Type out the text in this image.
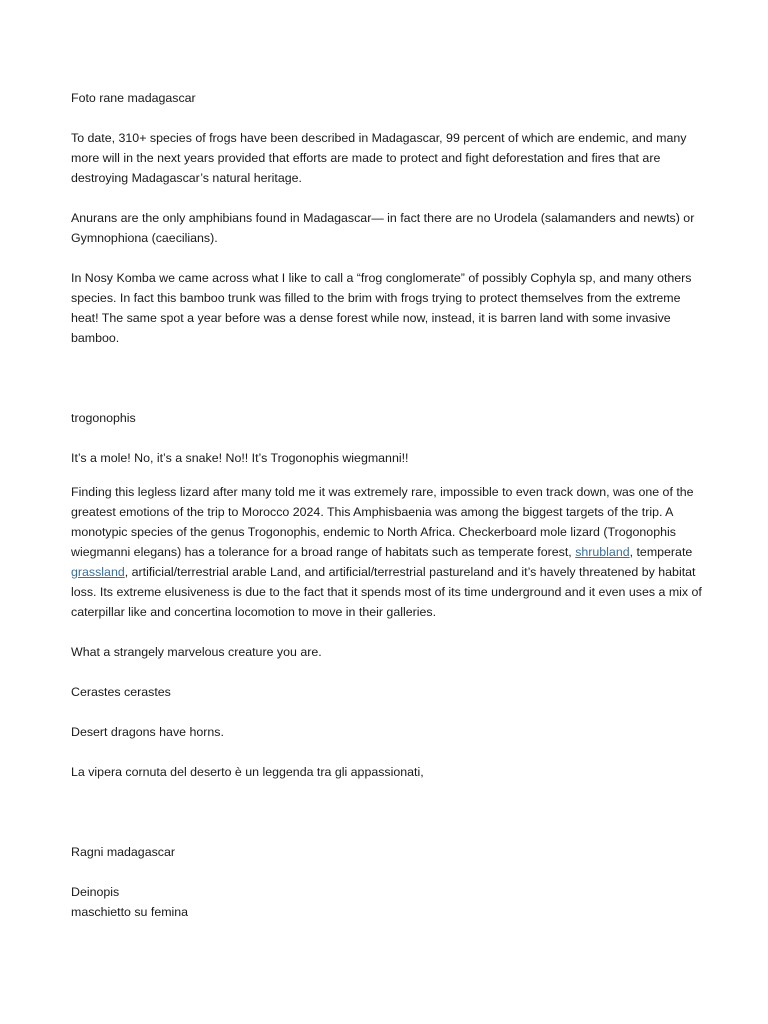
Foto rane madagascar

To date, 310+ species of frogs have been described in Madagascar, 99 percent of which are endemic, and many more will in the next years provided that efforts are made to protect and fight deforestation and fires that are destroying Madagascar’s natural heritage.

Anurans are the only amphibians found in Madagascar— in fact there are no Urodela (salamanders and newts) or Gymnophiona (caecilians).

In Nosy Komba we came across what I like to call a “frog conglomerate” of possibly Cophyla sp, and many others species. In fact this bamboo trunk was filled to the brim with frogs trying to protect themselves from the extreme heat! The same spot a year before was a dense forest while now, instead, it is barren land with some invasive bamboo.

trogonophis

It’s a mole! No, it’s a snake! No!! It’s Trogonophis wiegmanni!!

Finding this legless lizard after many told me it was extremely rare, impossible to even track down, was one of the greatest emotions of the trip to Morocco 2024. This Amphisbaenia was among the biggest targets of the trip. A monotypic species of the genus Trogonophis, endemic to North Africa. Checkerboard mole lizard (Trogonophis wiegmanni elegans) has a tolerance for a broad range of habitats such as temperate forest, shrubland, temperate grassland, artificial/terrestrial arable Land, and artificial/terrestrial pastureland and it’s havely threatened by habitat loss. Its extreme elusiveness is due to the fact that it spends most of its time underground and it even uses a mix of caterpillar like and concertina locomotion to move in their galleries.

What a strangely marvelous creature you are.

Cerastes cerastes

Desert dragons have horns.

La vipera cornuta del deserto è un leggenda tra gli appassionati,

Ragni madagascar

Deinopis

maschietto su femina
